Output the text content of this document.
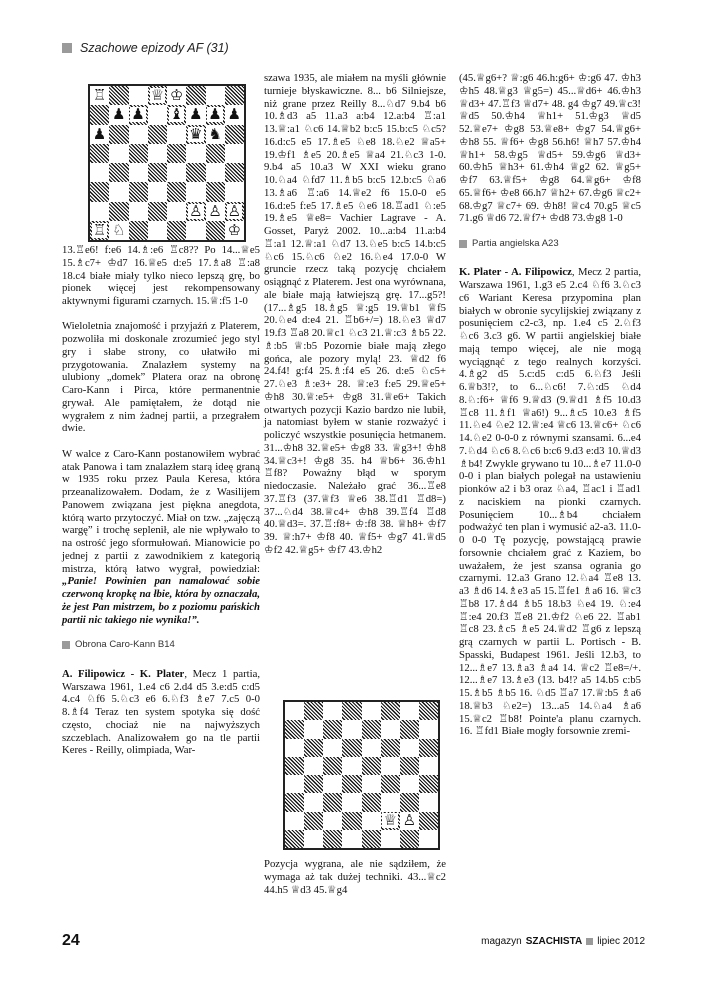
Szachowe epizody AF (31)
♖	♕ ♔
♟ ♟ ♝ ♟ ♟ ♟
♟	♛ ♞
♙ ♙ ♙
♖ ♘	♔

13.♖e6! f:e6 14.♗:e6 ♖c8?? Po 14...♕e5 15.♗c7+ ♔d7 16.♕e5 d:e5 17.♗a8 ♖:a8 18.c4 białe miały tylko nieco lepszą grę, bo pionek więcej jest rekompensowany aktywnymi figurami czarnych. 15.♕:f5 1-0

Wieloletnia znajomość i przyjaźń z Platerem, pozwoliła mi doskonale zrozumieć jego styl gry i słabe strony, co ułatwiło mi przygotowania. Znalazłem systemy na ulubiony „domek” Platera oraz na obronę Caro-Kann i Pirca, które permanentnie grywał. Ale pamiętałem, że dotąd nie wygrałem z nim żadnej partii, a przegrałem dwie.

W walce z Caro-Kann postanowiłem wybrać atak Panowa i tam znalazłem starą ideę graną w 1935 roku przez Paula Keresa, która przeanalizowałem. Dodam, że z Wasilijem Panowem związana jest piękna anegdota, którą warto przytoczyć. Miał on tzw. „zajęczą wargę” i trochę seplenił, ale nie wpływało to na ostrość jego sformułowań. Mianowicie po jednej z partii z zawodnikiem z kategorią mistrza, którą łatwo wygrał, powiedział: „Panie! Powinien pan namalować sobie czerwoną kropkę na łbie, która by oznaczała, że jest Pan mistrzem, bo z poziomu pańskich partii nic takiego nie wynika!”.

Obrona Caro-Kann B14

A. Filipowicz - K. Plater, Mecz 1 partia, Warszawa 1961, 1.e4 c6 2.d4 d5 3.e:d5 c:d5 4.c4 ♘f6 5.♘c3 e6 6.♘f3 ♗e7 7.c5 0-0 8.♗f4 Teraz ten system spotyka się dość często, chociaż nie na najwyższych szczeblach. Analizowałem go na tle partii Keres - Reilly, olimpiada, War-

szawa 1935, ale miałem na myśli głównie turnieje błyskawiczne. 8... b6 Silniejsze, niż grane przez Reilly 8...♘d7 9.b4 b6 10.♗d3 a5 11.a3 a:b4 12.a:b4 ♖:a1 13.♕:a1 ♘c6 14.♕b2 b:c5 15.b:c5 ♘c5? 16.d:c5 e5 17.♗e5 ♘e8 18.♘e2 ♕a5+ 19.♔f1 ♗e5 20.♗e5 ♕a4 21.♘c3 1-0. 9.b4 a5 10.a3 W XXI wieku grano 10.♘a4 ♘fd7 11.♗b5 b:c5 12.b:c5 ♘a6 13.♗a6 ♖:a6 14.♕e2 f6 15.0-0 e5 16.d:e5 f:e5 17.♗e5 ♘e6 18.♖ad1 ♘:e5 19.♗e5 ♕e8= Vachier Lagrave - A. Gosset, Paryż 2002. 10...a:b4 11.a:b4 ♖:a1 12.♕:a1 ♘d7 13.♘e5 b:c5 14.b:c5 ♘c6 15.♘c6 ♘e2 16.♘e4 17.0-0 W gruncie rzecz taką pozycję chciałem osiągnąć z Platerem. Jest ona wyrównana, ale białe mają łatwiejszą grę. 17...g5?! (17...♗g5 18.♗g5 ♕:g5 19.♕b1 ♕f5 20.♘e4 d:e4 21. ♖b6+/=) 18.♘e3 ♕d7 19.f3 ♖a8 20.♕c1 ♘c3 21.♕:c3 ♗b5 22. ♗:b5 ♕:b5 Pozornie białe mają złego gońca, ale pozory mylą! 23. ♕d2 f6 24.f4! g:f4 25.♗:f4 e5 26. d:e5 ♘c5+ 27.♘e3 ♗:e3+ 28. ♕:e3 f:e5 29.♕e5+ ♔h8 30.♕:e5+ ♔g8 31.♕e6+ Takich otwartych pozycji Kazio bardzo nie lubił, ja natomiast byłem w stanie rozważyć i policzyć wszystkie posunięcia hetmanem. 31...♔h8 32.♕e5+ ♔g8 33. ♕g3+! ♔h8 34.♕c3+! ♔g8 35. h4 ♕b6+ 36.♔h1 ♖f8? Poważny błąd w sporym niedoczasie. Należało grać 36...♖e8 37.♖f3 (37.♕f3 ♕e6 38.♖d1 ♖d8=) 37...♘d4 38.♕c4+ ♔h8 39.♖f4 ♖d8 40.♕d3=. 37.♖:f8+ ♔:f8 38. ♕h8+ ♔f7 39. ♕:h7+ ♔f8 40. ♕f5+ ♔g7 41.♕d5 ♔f2 42.♕g5+ ♔f7 43.♔h2

♕ ♙

Pozycja wygrana, ale nie sądziłem, że wymaga aż tak dużej techniki. 43...♕c2 44.h5 ♕d3 45.♕g4

(45.♕g6+? ♕:g6 46.h:g6+ ♔:g6 47. ♔h3 ♔h5 48.♕g3 ♕g5=) 45...♕d6+ 46.♔h3 ♕d3+ 47.♖f3 ♕d7+ 48. g4 ♔g7 49.♕c3! ♕d5 50.♔h4 ♕h1+ 51.♔g3 ♕d5 52.♕e7+ ♔g8 53.♕e8+ ♔g7 54.♕g6+ ♔h8 55. ♕f6+ ♔g8 56.h6! ♕h7 57.♔h4 ♕h1+ 58.♔g5 ♕d5+ 59.♔g6 ♕d3+ 60.♔h5 ♕h3+ 61.♔h4 ♕g2 62. ♕g5+ ♔f7 63.♕f5+ ♔g8 64.♕g6+ ♔f8 65.♕f6+ ♔e8 66.h7 ♕h2+ 67.♔g6 ♕c2+ 68.♔g7 ♕c7+ 69. ♔h8! ♕c4 70.g5 ♕c5 71.g6 ♕d6 72.♕f7+ ♔d8 73.♔g8 1-0

Partia angielska A23

K. Plater - A. Filipowicz, Mecz 2 partia, Warszawa 1961, 1.g3 e5 2.c4 ♘f6 3.♘c3 c6 Wariant Keresa przypomina plan białych w obronie sycylijskiej związany z posunięciem c2-c3, np. 1.e4 c5 2.♘f3 ♘c6 3.c3 g6. W partii angielskiej białe mają tempo więcej, ale nie mogą wyciągnąć z tego realnych korzyści. 4.♗g2 d5 5.c:d5 c:d5 6.♘f3 Jeśli 6.♕b3!?, to 6...♘c6! 7.♘:d5 ♘d4 8.♘:f6+ ♕f6 9.♕d3 (9.♕d1 ♗f5 10.d3 ♖c8 11.♗f1 ♕a6!) 9...♗c5 10.e3 ♗f5 11.♘e4 ♘e2 12.♕:e4 ♕c6 13.♕c6+ ♘c6 14.♘e2 0-0-0 z równymi szansami. 6...e4 7.♘d4 ♘c6 8.♘c6 b:c6 9.d3 e:d3 10.♕d3 ♗b4! Zwykle grywano tu 10...♗e7 11.0-0 0-0 i plan białych polegał na ustawieniu pionków a2 i b3 oraz ♘a4, ♖ac1 i ♖ad1 z naciskiem na pionki czarnych. Posunięciem 10...♗b4 chciałem podważyć ten plan i wymusić a2-a3. 11.0-0 0-0 Tę pozycję, powstającą prawie forsownie chciałem grać z Kaziem, bo uważałem, że jest szansa ograniа go czarnymi. 12.a3 Grano 12.♘a4 ♖e8 13. a3 ♗d6 14.♗e3 a5 15.♖fe1 ♗a6 16. ♕c3 ♖b8 17.♗d4 ♗b5 18.b3 ♘e4 19. ♘:e4 ♖:e4 20.f3 ♖e8 21.♔f2 ♘e6 22. ♖ab1 ♖c8 23.♗c5 ♗e5 24.♕d2 ♖g6 z lepszą grą czarnych w partii L. Portisch - B. Spasski, Budapest 1961. Jeśli 12.b3, to 12...♗e7 13.♗a3 ♗a4 14. ♕c2 ♖e8=/+. 12...♗e7 13.♗e3 (13. b4!? a5 14.b5 c:b5 15.♗b5 ♗b5 16. ♘d5 ♖a7 17.♕:b5 ♗a6 18.♕b3 ♘e2=) 13...a5 14.♘a4 ♗a6 15.♕c2 ♖b8! Pointe'a planu czarnych. 16. ♖fd1 Białe mogły forsownie zremi-

24	magazyn SZACHISTA lipiec 2012
